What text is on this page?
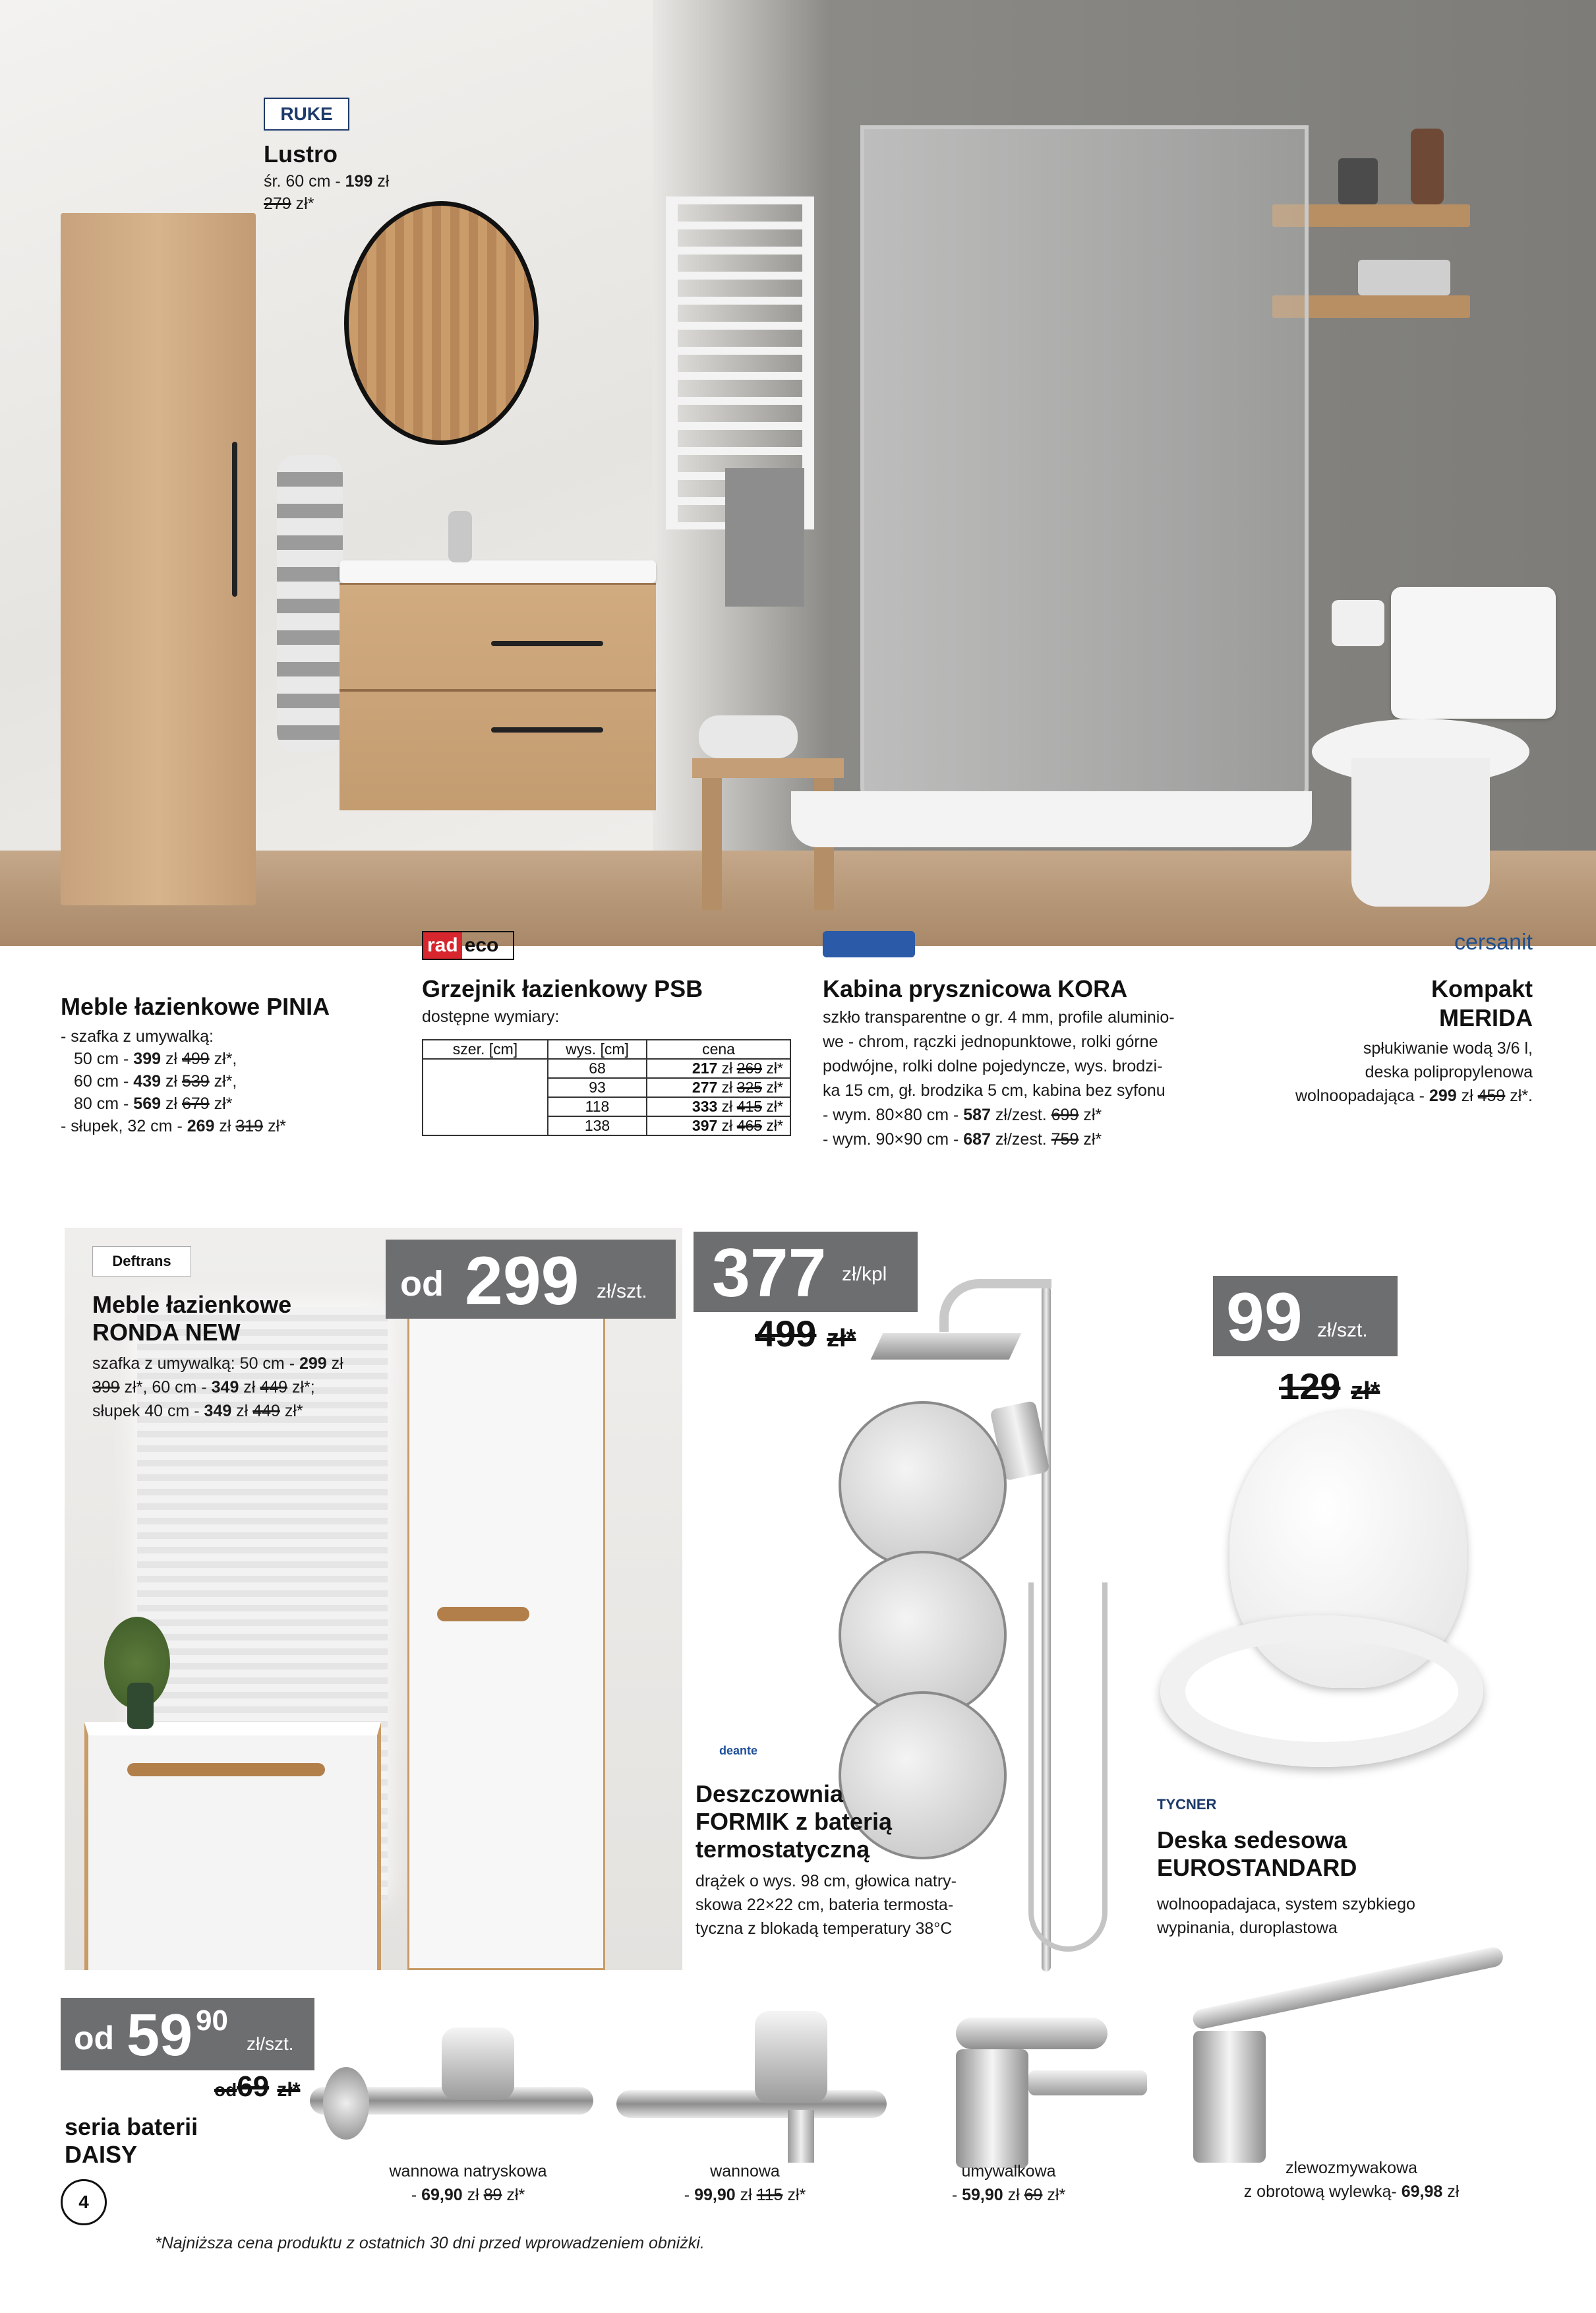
RUKE
Lustro
śr. 60 cm - 199 zł
279 zł*
Meble łazienkowe PINIA
- szafka z umywalką:
50 cm - 399 zł 499 zł*,
60 cm - 439 zł 539 zł*,
80 cm - 569 zł 679 zł*
- słupek, 32 cm - 269 zł 319 zł*
rad eco
Grzejnik łazienkowy PSB
dostępne wymiary:
szer. [cm]	wys. [cm]	cena
	68	217 zł 269 zł*
	93	277 zł 325 zł*
	118	333 zł 415 zł*
	138	397 zł 465 zł*
Kabina prysznicowa KORA
szkło transparentne o gr. 4 mm, profile aluminio-
we - chrom, rączki jednopunktowe, rolki górne
podwójne, rolki dolne pojedyncze, wys. brodzi-
ka 15 cm, gł. brodzika 5 cm, kabina bez syfonu
- wym. 80×80 cm - 587 zł/zest. 699 zł*
- wym. 90×90 cm - 687 zł/zest. 759 zł*
cersanit
Kompakt
MERIDA
spłukiwanie wodą 3/6 l,
deska polipropylenowa
wolnoopadająca - 299 zł 459 zł*.
Deftrans
Meble łazienkowe
RONDA NEW
szafka z umywalką: 50 cm - 299 zł
399 zł*, 60 cm - 349 zł 449 zł*;
słupek 40 cm - 349 zł 449 zł*
od 299 zł/szt. 377 zł/kpl
499 zł*
deante
Deszczownia
FORMIK z baterią
termostatyczną
drążek o wys. 98 cm, głowica natry-
skowa 22×22 cm, bateria termosta-
tyczna z blokadą temperatury 38°C
99 zł/szt.
129 zł*
TYCNER
Deska sedesowa
EUROSTANDARD
wolnoopadajaca, system szybkiego
wypinania, duroplastowa
od 59 90
zł/szt.
od69 zł*
seria baterii
DAISY
wannowa natryskowa
- 69,90 zł 89 zł*
wannowa
- 99,90 zł 115 zł*
umywalkowa
- 59,90 zł 69 zł*
zlewozmywakowa
z obrotową wylewką- 69,98 zł
4
*Najniższa cena produktu z ostatnich 30 dni przed wprowadzeniem obniżki.
